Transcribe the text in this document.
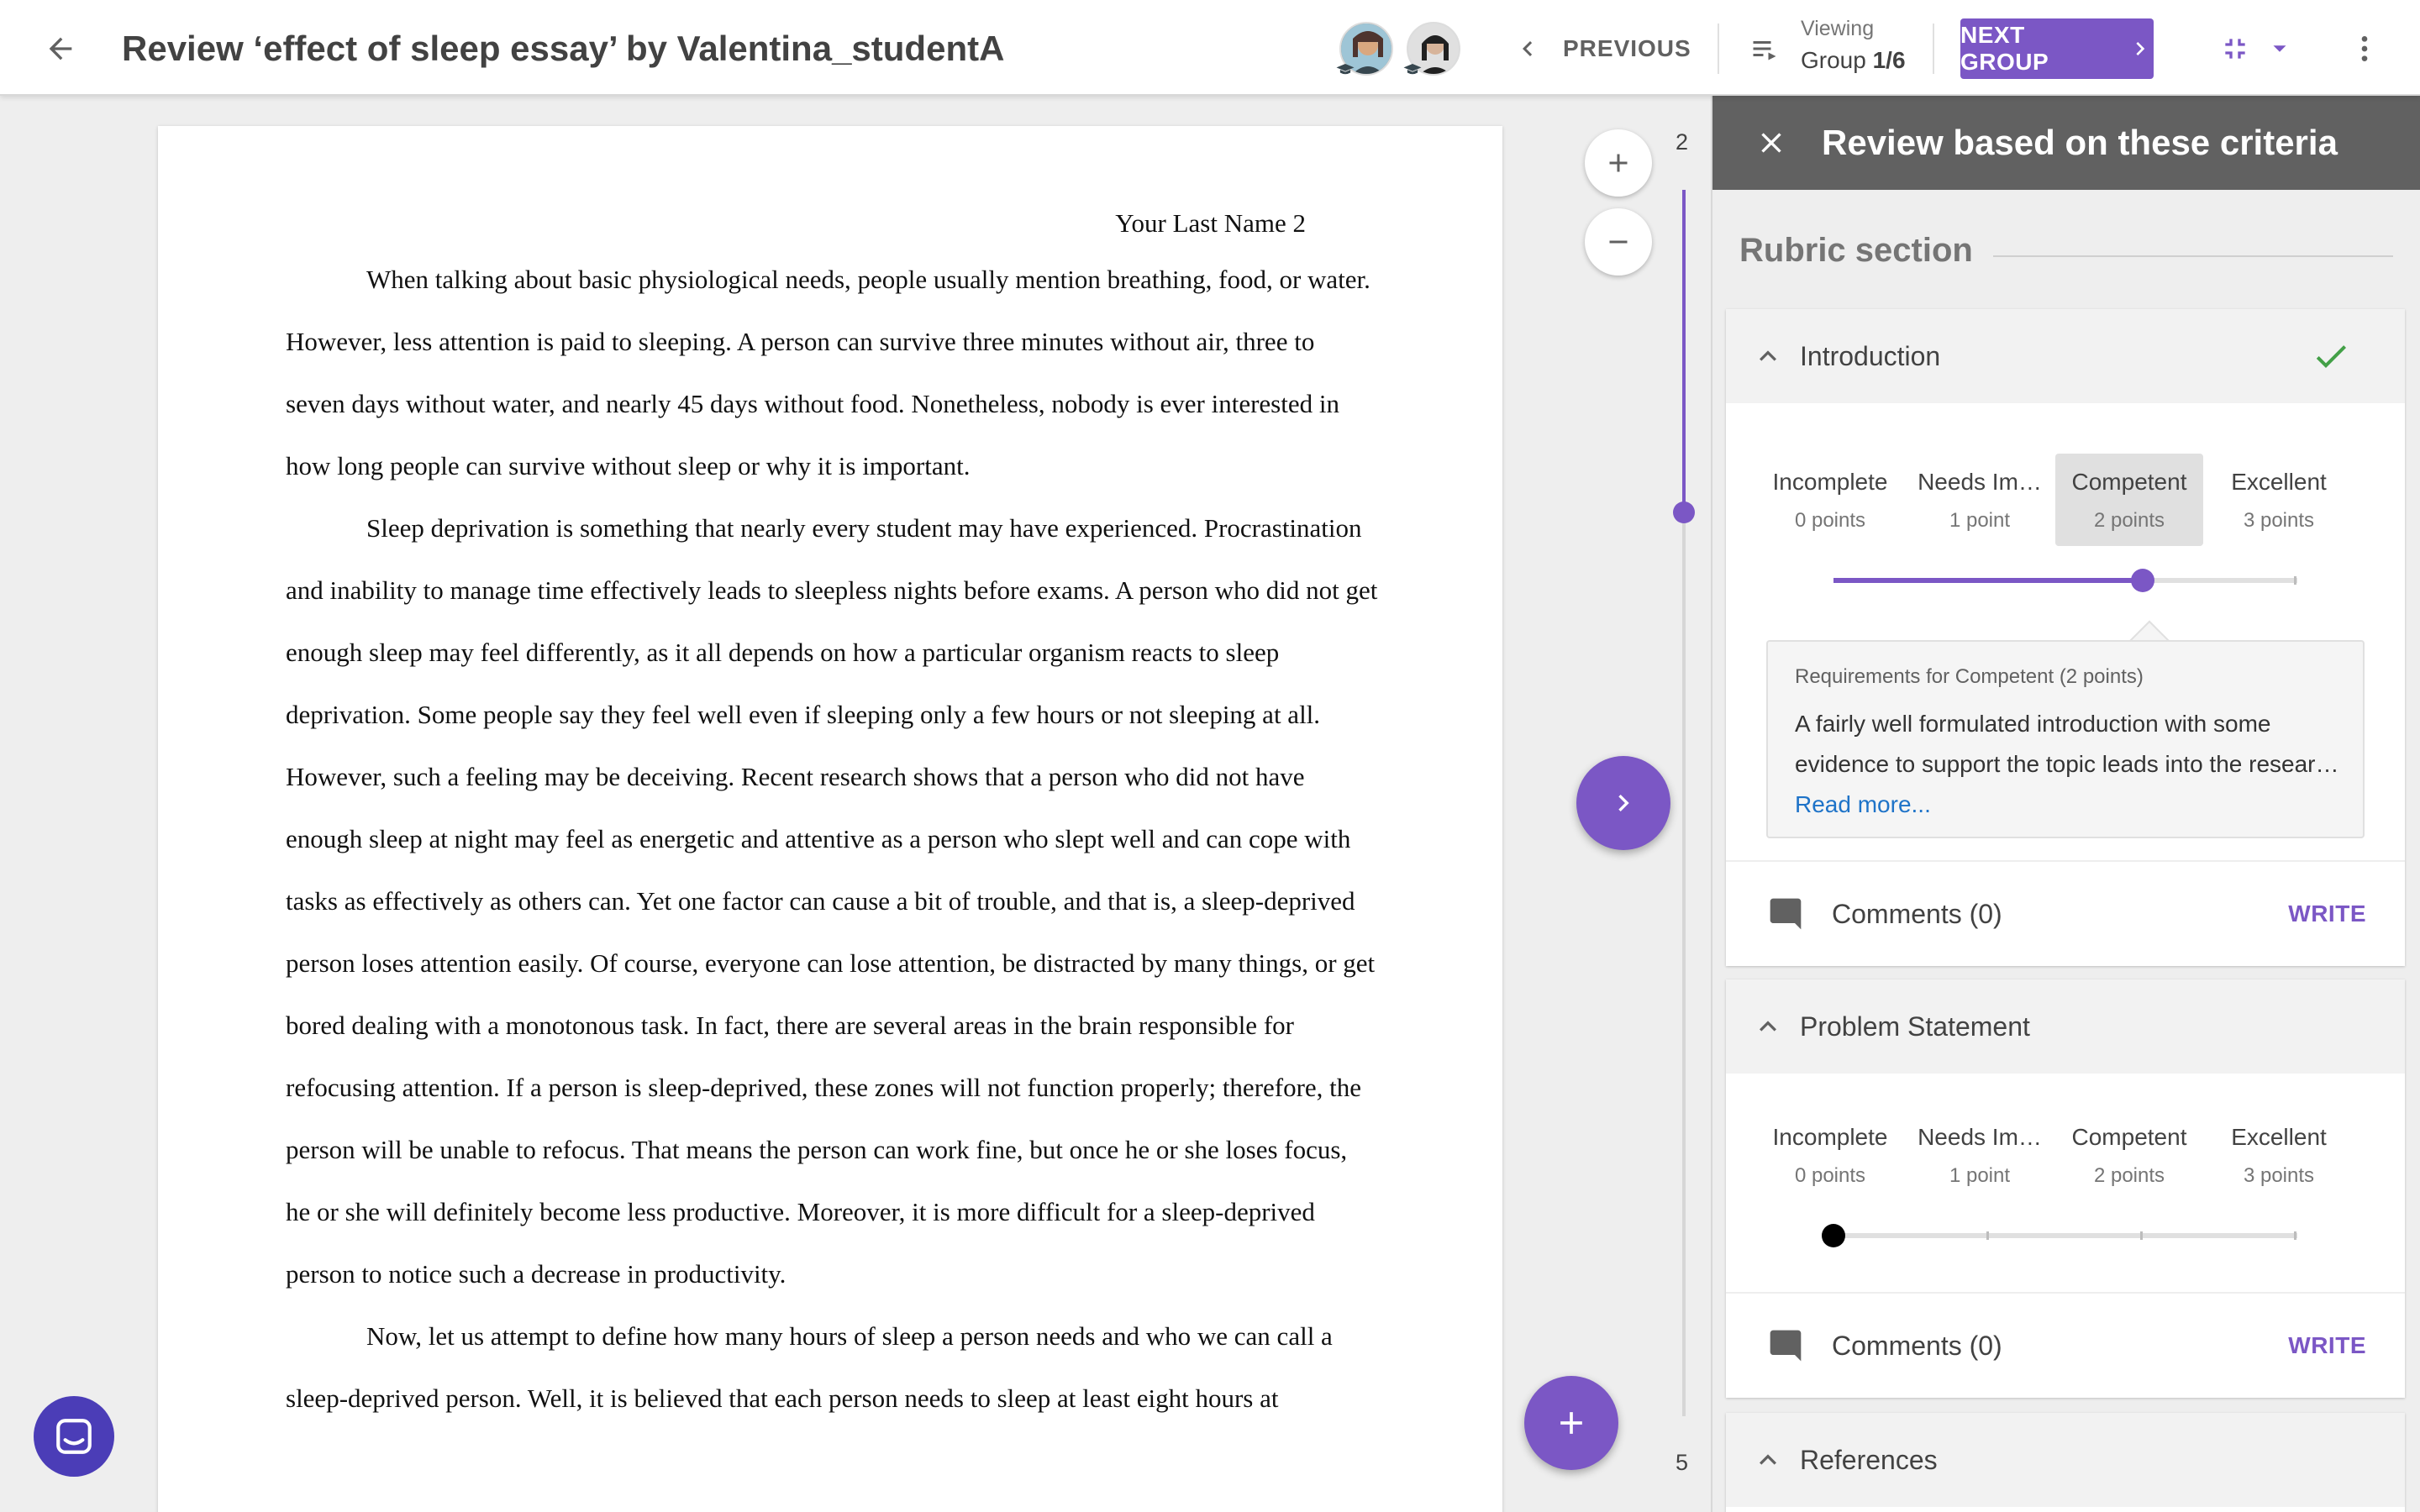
Review ‘effect of sleep essay’ by Valentina_studentA	PREVIOUS
Viewing
Group 1/6
NEXT GROUP
Your Last Name 2

When talking about basic physiological needs, people usually mention breathing, food, or water. However, less attention is paid to sleeping. A person can survive three minutes without air, three to seven days without water, and nearly 45 days without food. Nonetheless, nobody is ever interested in how long people can survive without sleep or why it is important.

Sleep deprivation is something that nearly every student may have experienced. Procrastination and inability to manage time effectively leads to sleepless nights before exams. A person who did not get enough sleep may feel differently, as it all depends on how a particular organism reacts to sleep deprivation. Some people say they feel well even if sleeping only a few hours or not sleeping at all. However, such a feeling may be deceiving. Recent research shows that a person who did not have enough sleep at night may feel as energetic and attentive as a person who slept well and can cope with tasks as effectively as others can. Yet one factor can cause a bit of trouble, and that is, a sleep-deprived person loses attention easily. Of course, everyone can lose attention, be distracted by many things, or get bored dealing with a monotonous task. In fact, there are several areas in the brain responsible for refocusing attention. If a person is sleep-deprived, these zones will not function properly; therefore, the person will be unable to refocus. That means the person can work fine, but once he or she loses focus, he or she will definitely become less productive. Moreover, it is more difficult for a sleep-deprived person to notice such a decrease in productivity.

Now, let us attempt to define how many hours of sleep a person needs and who we can call a sleep-deprived person. Well, it is believed that each person needs to sleep at least eight hours at

2
5
Review based on these criteria
Rubric section
Introduction
Incomplete
0 points
Needs Im…
1 point
Competent
2 points
Excellent
3 points
Requirements for Competent (2 points)
A fairly well formulated introduction with some evidence to support the topic leads into the resear…
Read more...
Comments (0)	WRITE
Problem Statement
Incomplete
0 points
Needs Im…
1 point
Competent
2 points
Excellent
3 points
Comments (0)	WRITE
References
